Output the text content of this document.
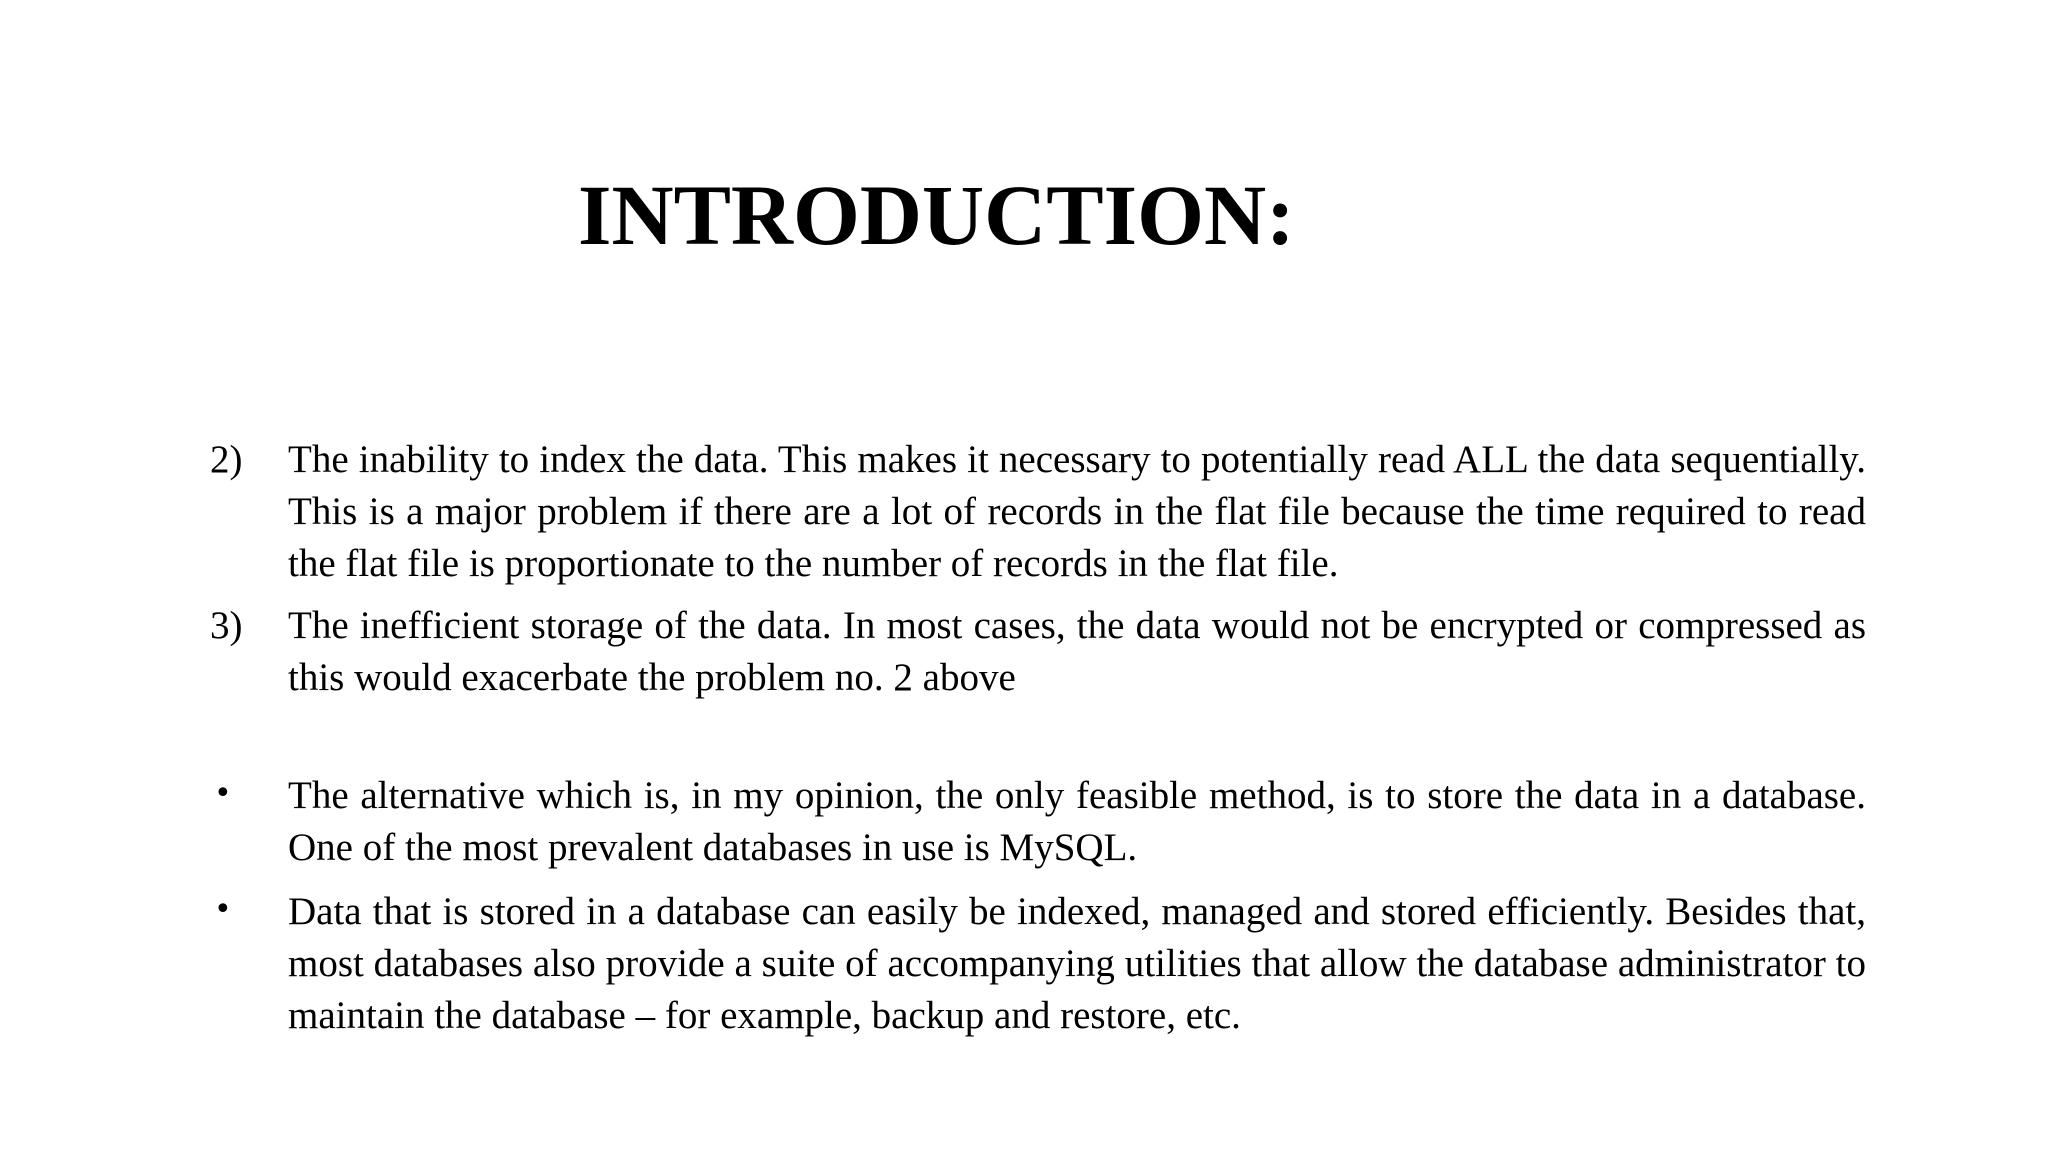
INTRODUCTION:
2) The inability to index the data. This makes it necessary to potentially read ALL the data sequentially. This is a major problem if there are a lot of records in the flat file because the time required to read the flat file is proportionate to the number of records in the flat file.
3) The inefficient storage of the data. In most cases, the data would not be encrypted or compressed as this would exacerbate the problem no. 2 above
• The alternative which is, in my opinion, the only feasible method, is to store the data in a database. One of the most prevalent databases in use is MySQL.
• Data that is stored in a database can easily be indexed, managed and stored efficiently. Besides that, most databases also provide a suite of accompanying utilities that allow the database administrator to maintain the database – for example, backup and restore, etc.
